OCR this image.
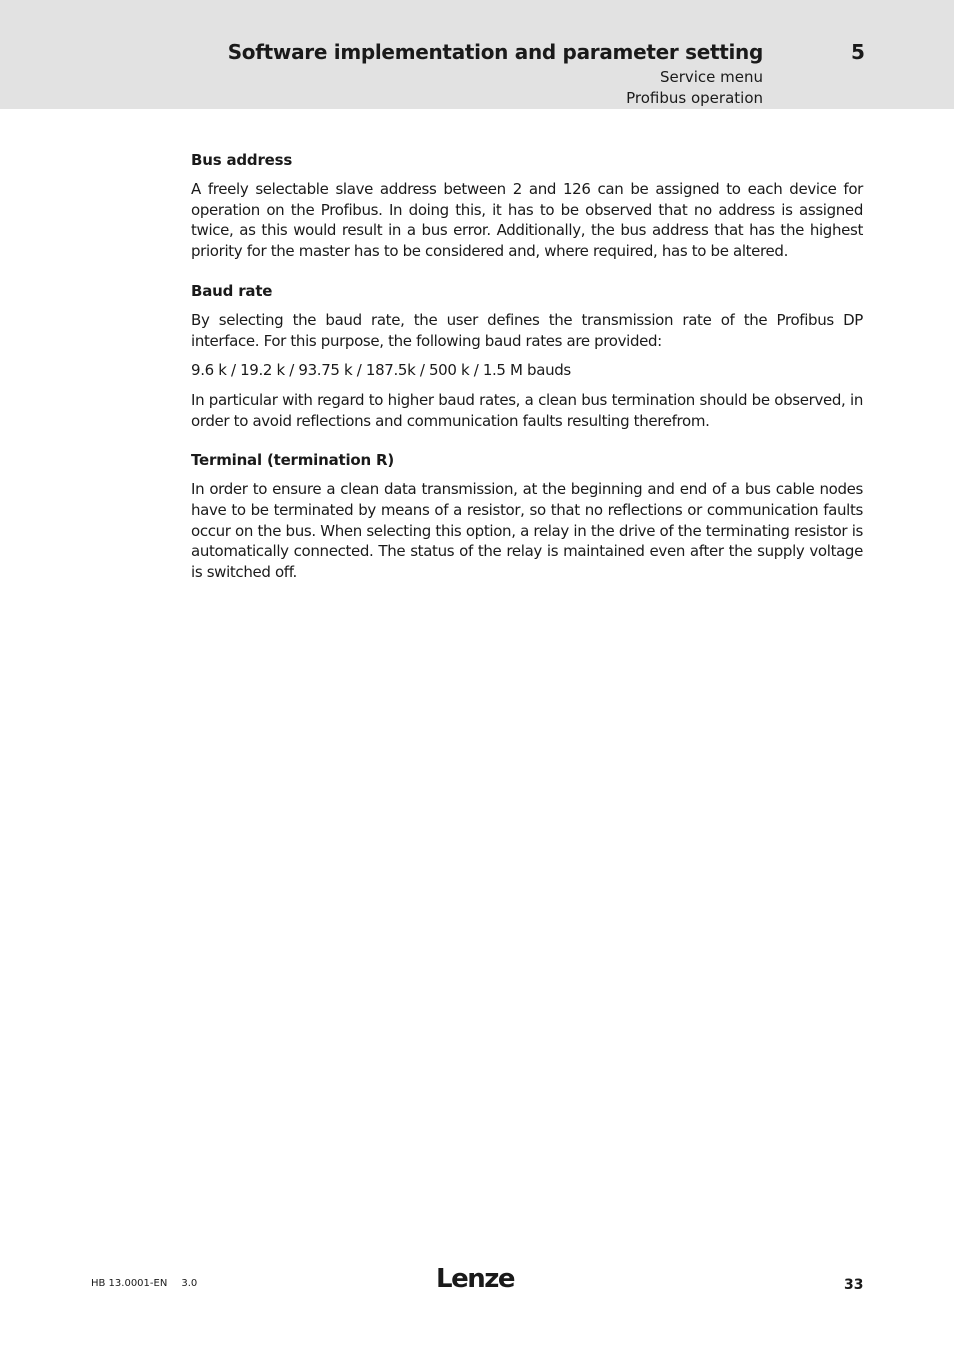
Software implementation and parameter setting	5
Service menu
Profibus operation
Bus address

A freely selectable slave address between 2 and 126 can be assigned to each device for operation on the Profibus. In doing this, it has to be observed that no address is assigned twice, as this would result in a bus error. Additionally, the bus address that has the highest priority for the master has to be considered and, where required, has to be altered.

Baud rate

By selecting the baud rate, the user defines the transmission rate of the Profibus DP interface. For this purpose, the following baud rates are provided:

9.6 k / 19.2 k / 93.75 k / 187.5k / 500 k / 1.5 M bauds

In particular with regard to higher baud rates, a clean bus termination should be observed, in order to avoid reflections and communication faults resulting therefrom.

Terminal (termination R)

In order to ensure a clean data transmission, at the beginning and end of a bus cable nodes have to be terminated by means of a resistor, so that no reflections or communication faults occur on the bus. When selecting this option, a relay in the drive of the terminating resistor is automatically connected. The status of the relay is maintained even after the supply voltage is switched off.

HB 13.0001-EN 3.0	Lenze	33
